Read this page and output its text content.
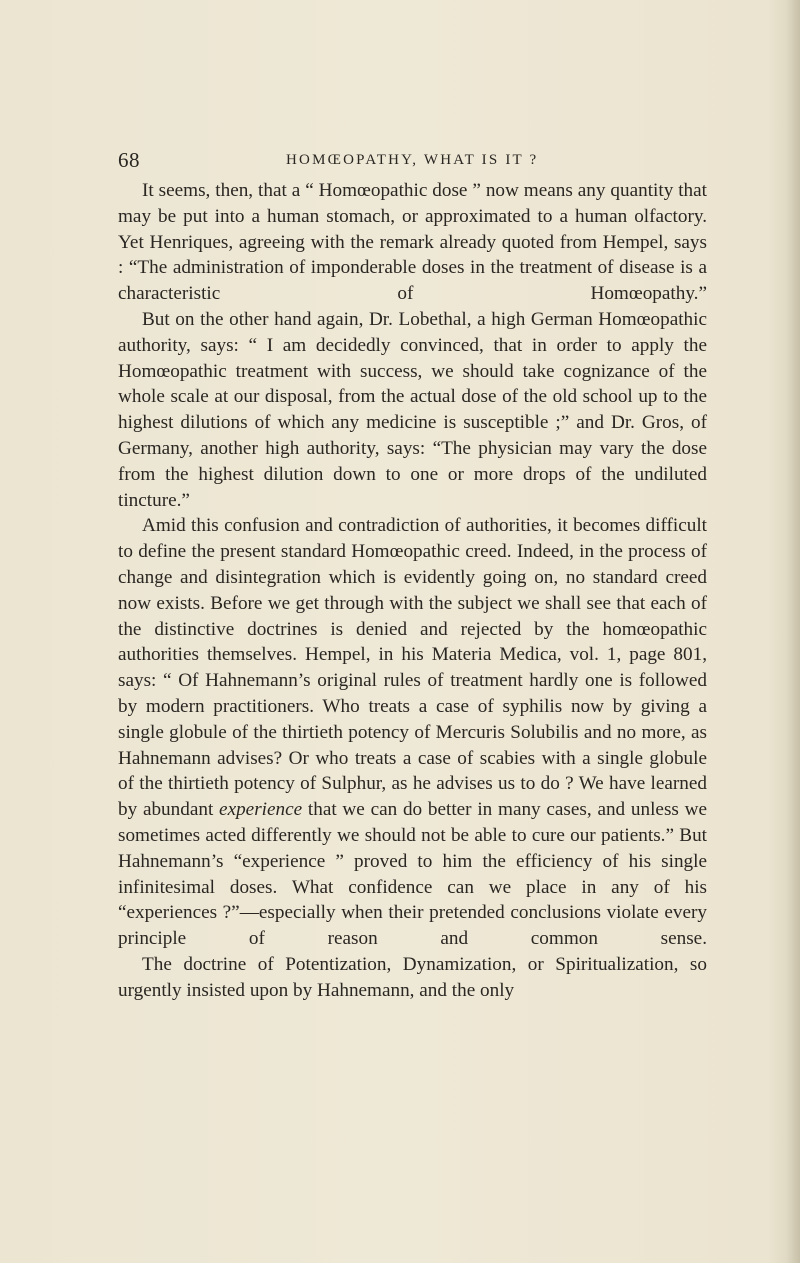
68	HOMŒOPATHY, WHAT IS IT ?

It seems, then, that a “ Homœopathic dose ” now means any quantity that may be put into a human stomach, or approximated to a human olfactory. Yet Henriques, agreeing with the remark already quoted from Hempel, says : “The administration of imponderable doses in the treatment of disease is a characteristic of Homœopathy.”

But on the other hand again, Dr. Lobethal, a high German Homœopathic authority, says: “ I am decidedly convinced, that in order to apply the Homœopathic treatment with success, we should take cognizance of the whole scale at our disposal, from the actual dose of the old school up to the highest dilutions of which any medicine is susceptible ;” and Dr. Gros, of Germany, another high authority, says: “The physician may vary the dose from the highest dilution down to one or more drops of the undiluted tincture.”

Amid this confusion and contradiction of authorities, it becomes difficult to define the present standard Homœopathic creed. Indeed, in the process of change and disintegration which is evidently going on, no standard creed now exists. Before we get through with the subject we shall see that each of the distinctive doctrines is denied and rejected by the homœopathic authorities themselves. Hempel, in his Materia Medica, vol. 1, page 801, says: “ Of Hahnemann’s original rules of treatment hardly one is followed by modern practitioners. Who treats a case of syphilis now by giving a single globule of the thirtieth potency of Mercuris Solubilis and no more, as Hahnemann advises? Or who treats a case of scabies with a single globule of the thirtieth potency of Sulphur, as he advises us to do ? We have learned by abundant experience that we can do better in many cases, and unless we sometimes acted differently we should not be able to cure our patients.” But Hahnemann’s “experience ” proved to him the efficiency of his single infinitesimal doses. What confidence can we place in any of his “experiences ?”—especially when their pretended conclusions violate every principle of reason and common sense.

The doctrine of Potentization, Dynamization, or Spiritualization, so urgently insisted upon by Hahnemann, and the only
